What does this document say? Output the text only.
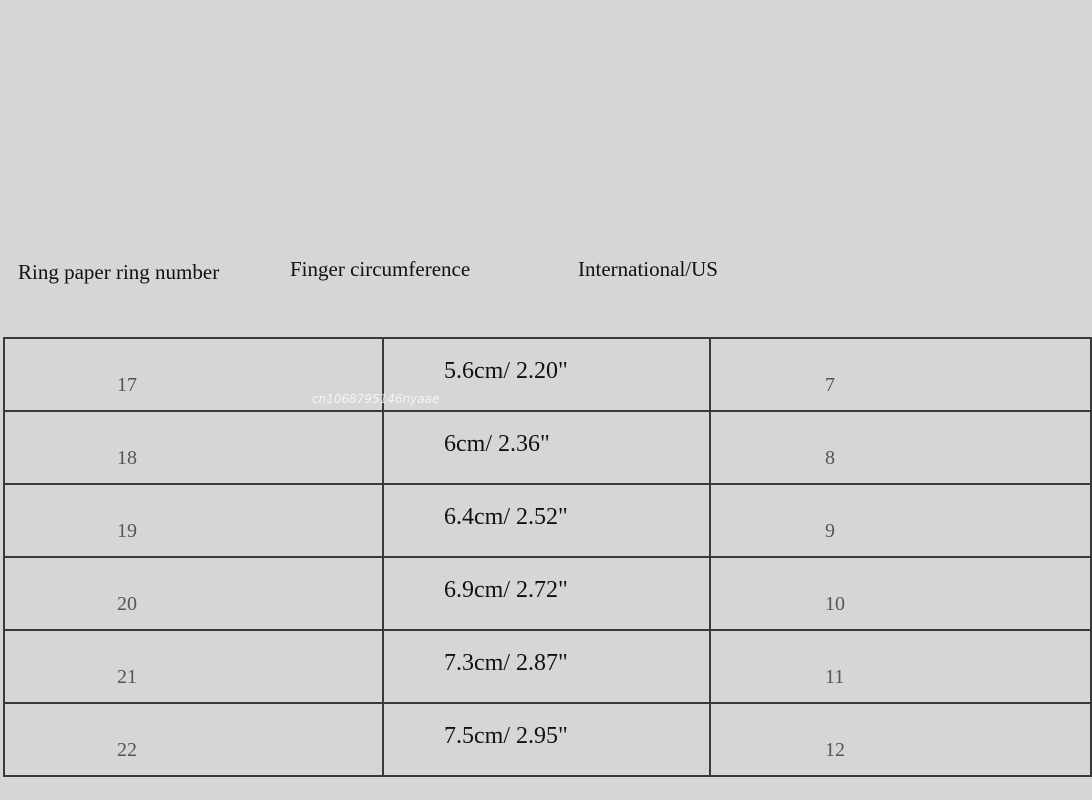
Ring paper ring number	Finger circumference	International/US
17	5.6cm/ 2.20"	7
18	6cm/ 2.36"	8
19	6.4cm/ 2.52"	9
20	6.9cm/ 2.72"	10
21	7.3cm/ 2.87"	11
22	7.5cm/ 2.95"	12
cn1068795146nyaae
